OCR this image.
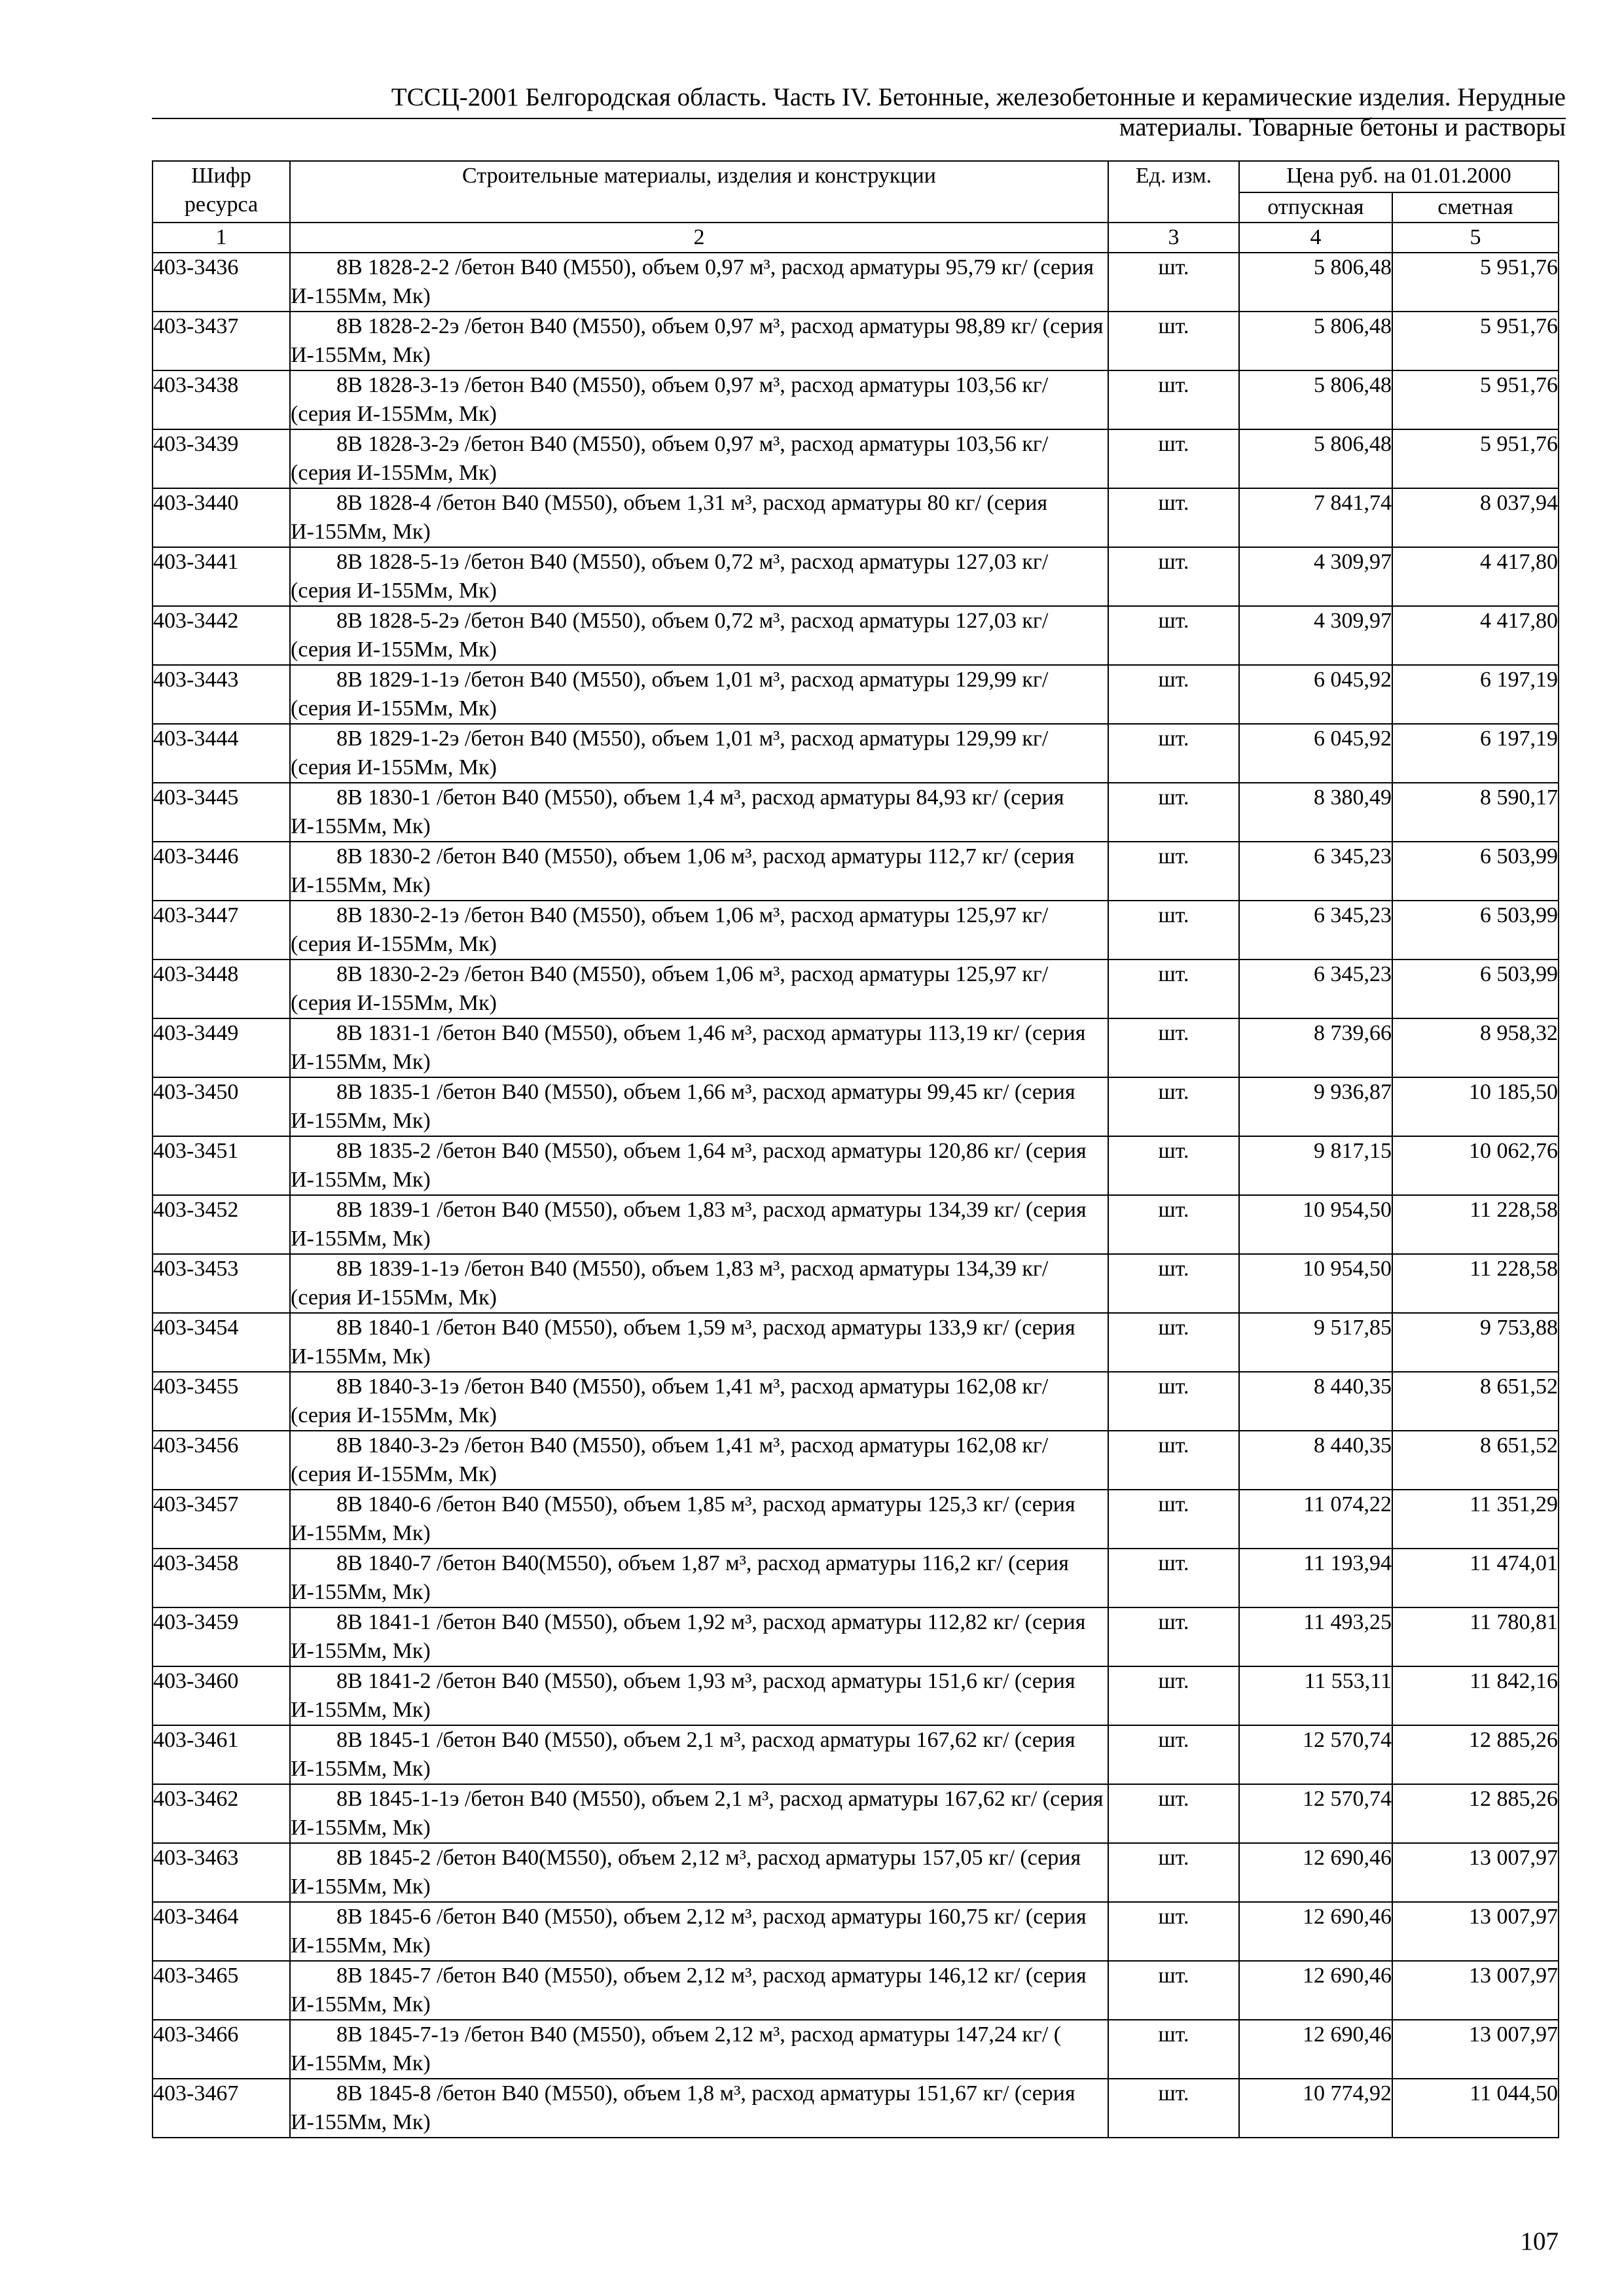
ТССЦ-2001 Белгородская область. Часть IV. Бетонные, железобетонные и керамические изделия. Нерудные
материалы. Товарные бетоны и растворы
Шифр ресурса	Строительные материалы, изделия и конструкции	Ед. изм.	Цена руб. на 01.01.2000	
			отпускная	сметная
1	2	3	4	5
403-3436	8В 1828-2-2 /бетон В40 (М550), объем 0,97 м³, расход арматуры 95,79 кг/ (серия И-155Мм, Мк)	шт.	5 806,48	5 951,76
403-3437	8В 1828-2-2э /бетон В40 (М550), объем 0,97 м³, расход арматуры 98,89 кг/ (серия И-155Мм, Мк)	шт.	5 806,48	5 951,76
403-3438	8В 1828-3-1э /бетон В40 (М550), объем 0,97 м³, расход арматуры 103,56 кг/ (серия И-155Мм, Мк)	шт.	5 806,48	5 951,76
403-3439	8В 1828-3-2э /бетон В40 (М550), объем 0,97 м³, расход арматуры 103,56 кг/ (серия И-155Мм, Мк)	шт.	5 806,48	5 951,76
403-3440	8В 1828-4 /бетон В40 (М550), объем 1,31 м³, расход арматуры 80 кг/ (серия И-155Мм, Мк)	шт.	7 841,74	8 037,94
403-3441	8В 1828-5-1э /бетон В40 (М550), объем 0,72 м³, расход арматуры 127,03 кг/ (серия И-155Мм, Мк)	шт.	4 309,97	4 417,80
403-3442	8В 1828-5-2э /бетон В40 (М550), объем 0,72 м³, расход арматуры 127,03 кг/ (серия И-155Мм, Мк)	шт.	4 309,97	4 417,80
403-3443	8В 1829-1-1э /бетон В40 (М550), объем 1,01 м³, расход арматуры 129,99 кг/ (серия И-155Мм, Мк)	шт.	6 045,92	6 197,19
403-3444	8В 1829-1-2э /бетон В40 (М550), объем 1,01 м³, расход арматуры 129,99 кг/ (серия И-155Мм, Мк)	шт.	6 045,92	6 197,19
403-3445	8В 1830-1 /бетон В40 (М550), объем 1,4 м³, расход арматуры 84,93 кг/ (серия И-155Мм, Мк)	шт.	8 380,49	8 590,17
403-3446	8В 1830-2 /бетон В40 (М550), объем 1,06 м³, расход арматуры 112,7 кг/ (серия И-155Мм, Мк)	шт.	6 345,23	6 503,99
403-3447	8В 1830-2-1э /бетон В40 (М550), объем 1,06 м³, расход арматуры 125,97 кг/ (серия И-155Мм, Мк)	шт.	6 345,23	6 503,99
403-3448	8В 1830-2-2э /бетон В40 (М550), объем 1,06 м³, расход арматуры 125,97 кг/ (серия И-155Мм, Мк)	шт.	6 345,23	6 503,99
403-3449	8В 1831-1 /бетон В40 (М550), объем 1,46 м³, расход арматуры 113,19 кг/ (серия И-155Мм, Мк)	шт.	8 739,66	8 958,32
403-3450	8В 1835-1 /бетон В40 (М550), объем 1,66 м³, расход арматуры 99,45 кг/ (серия И-155Мм, Мк)	шт.	9 936,87	10 185,50
403-3451	8В 1835-2 /бетон В40 (М550), объем 1,64 м³, расход арматуры 120,86 кг/ (серия И-155Мм, Мк)	шт.	9 817,15	10 062,76
403-3452	8В 1839-1 /бетон В40 (М550), объем 1,83 м³, расход арматуры 134,39 кг/ (серия И-155Мм, Мк)	шт.	10 954,50	11 228,58
403-3453	8В 1839-1-1э /бетон В40 (М550), объем 1,83 м³, расход арматуры 134,39 кг/ (серия И-155Мм, Мк)	шт.	10 954,50	11 228,58
403-3454	8В 1840-1 /бетон В40 (М550), объем 1,59 м³, расход арматуры 133,9 кг/ (серия И-155Мм, Мк)	шт.	9 517,85	9 753,88
403-3455	8В 1840-3-1э /бетон В40 (М550), объем 1,41 м³, расход арматуры 162,08 кг/ (серия И-155Мм, Мк)	шт.	8 440,35	8 651,52
403-3456	8В 1840-3-2э /бетон В40 (М550), объем 1,41 м³, расход арматуры 162,08 кг/ (серия И-155Мм, Мк)	шт.	8 440,35	8 651,52
403-3457	8В 1840-6 /бетон В40 (М550), объем 1,85 м³, расход арматуры 125,3 кг/ (серия И-155Мм, Мк)	шт.	11 074,22	11 351,29
403-3458	8В 1840-7 /бетон В40(М550), объем 1,87 м³, расход арматуры 116,2 кг/ (серия И-155Мм, Мк)	шт.	11 193,94	11 474,01
403-3459	8В 1841-1 /бетон В40 (М550), объем 1,92 м³, расход арматуры 112,82 кг/ (серия И-155Мм, Мк)	шт.	11 493,25	11 780,81
403-3460	8В 1841-2 /бетон В40 (М550), объем 1,93 м³, расход арматуры 151,6 кг/ (серия И-155Мм, Мк)	шт.	11 553,11	11 842,16
403-3461	8В 1845-1 /бетон В40 (М550), объем 2,1 м³, расход арматуры 167,62 кг/ (серия И-155Мм, Мк)	шт.	12 570,74	12 885,26
403-3462	8В 1845-1-1э /бетон В40 (М550), объем 2,1 м³, расход арматуры 167,62 кг/ (серия И-155Мм, Мк)	шт.	12 570,74	12 885,26
403-3463	8В 1845-2 /бетон В40(М550), объем 2,12 м³, расход арматуры 157,05 кг/ (серия И-155Мм, Мк)	шт.	12 690,46	13 007,97
403-3464	8В 1845-6 /бетон В40 (М550), объем 2,12 м³, расход арматуры 160,75 кг/ (серия И-155Мм, Мк)	шт.	12 690,46	13 007,97
403-3465	8В 1845-7 /бетон В40 (М550), объем 2,12 м³, расход арматуры 146,12 кг/ (серия И-155Мм, Мк)	шт.	12 690,46	13 007,97
403-3466	8В 1845-7-1э /бетон В40 (М550), объем 2,12 м³, расход арматуры 147,24 кг/ ( И-155Мм, Мк)	шт.	12 690,46	13 007,97
403-3467	8В 1845-8 /бетон В40 (М550), объем 1,8 м³, расход арматуры 151,67 кг/ (серия И-155Мм, Мк)	шт.	10 774,92	11 044,50
107
